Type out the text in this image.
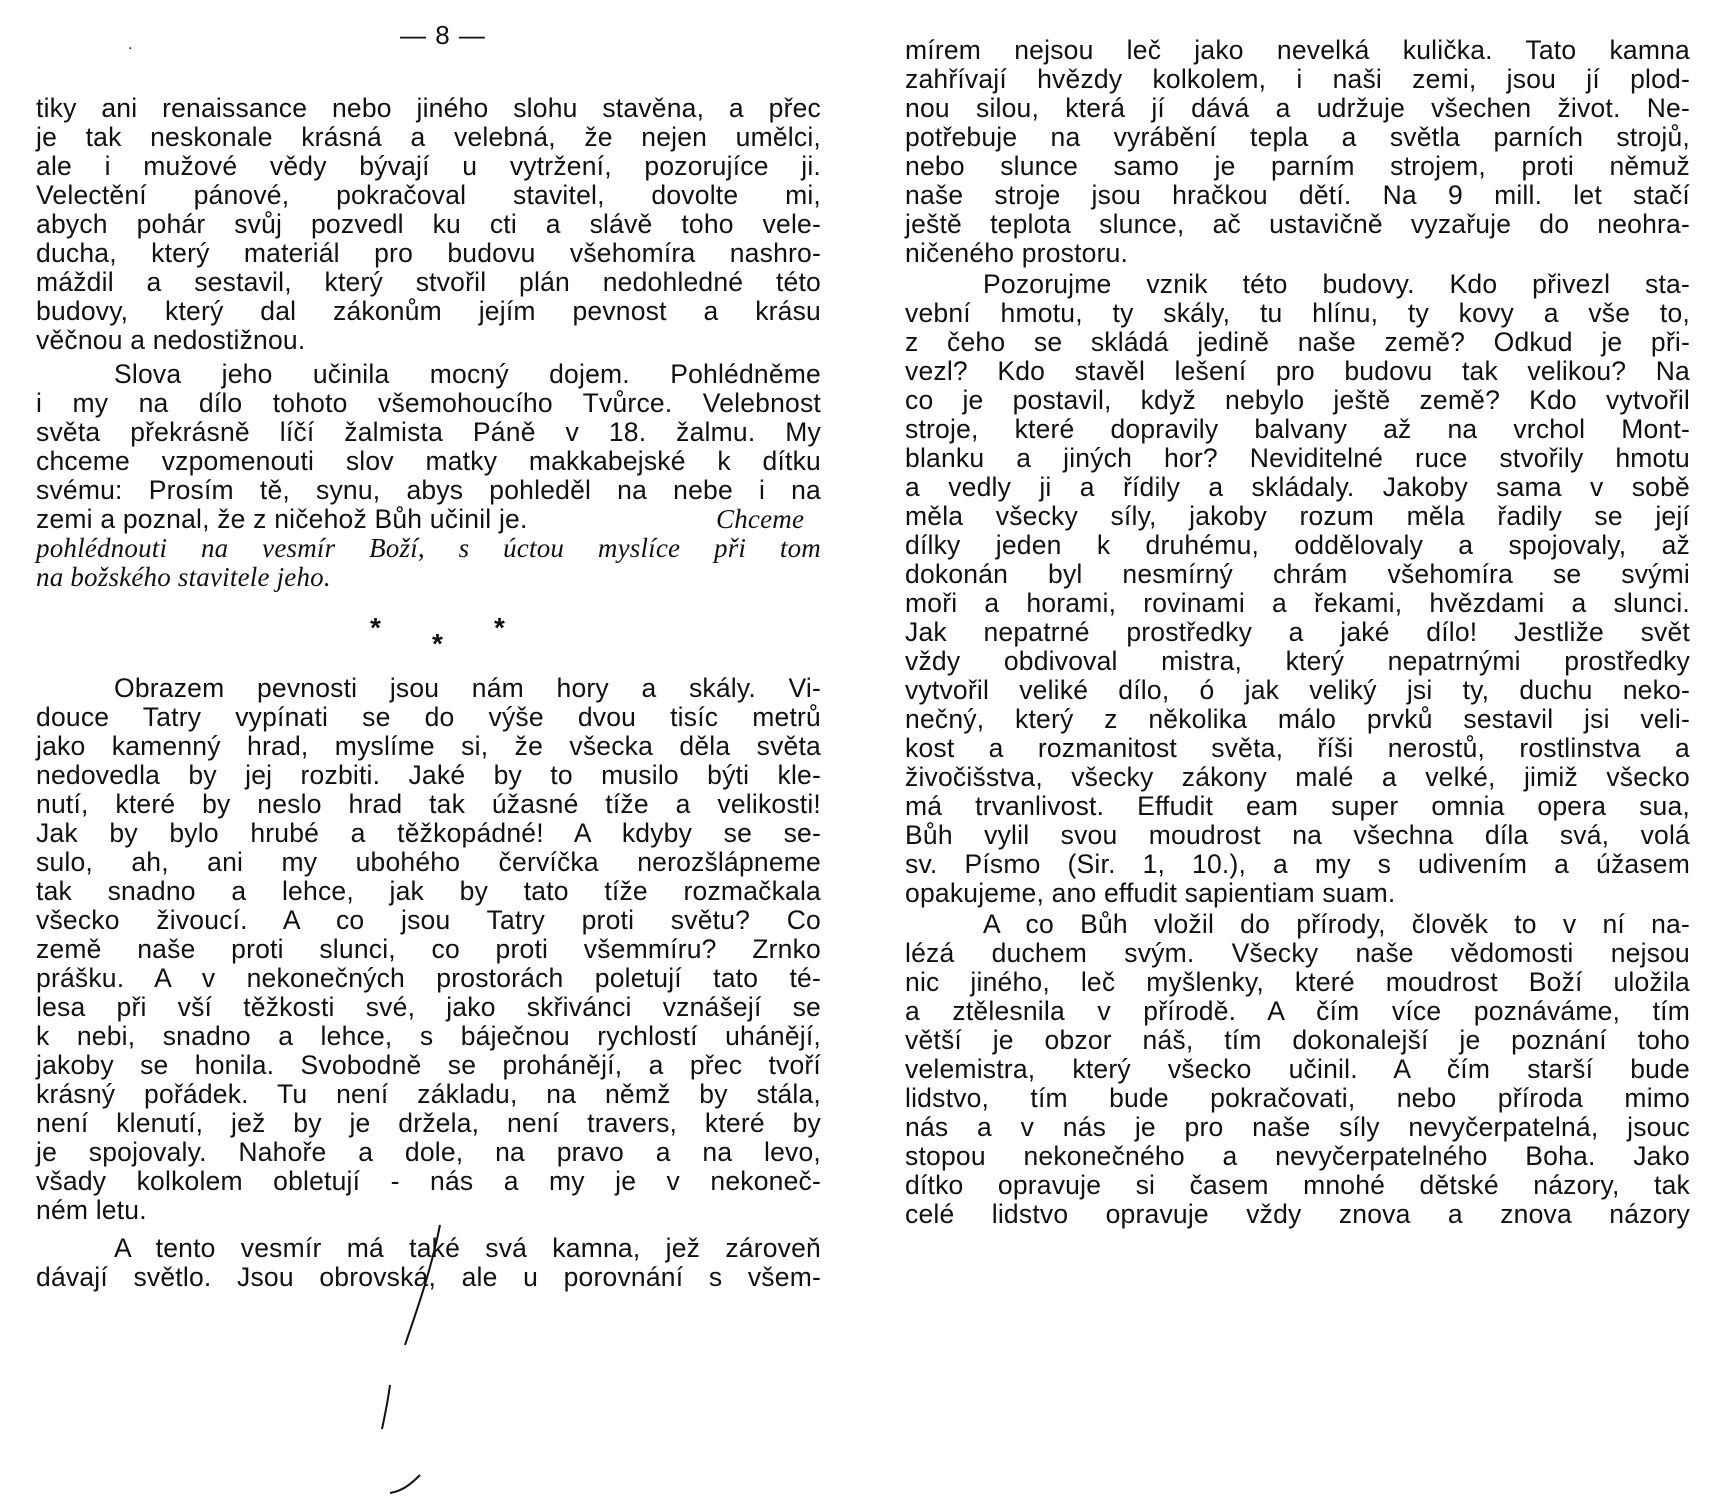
.	— 8 —
tiky ani renaissance nebo jiného slohu stavěna, a přec
je tak neskonale krásná a velebná, že nejen umělci,
ale i mužové vědy bývají u vytržení, pozorujíce ji.
Velectění pánové, pokračoval stavitel, dovolte mi,
abych pohár svůj pozvedl ku cti a slávě toho vele-
ducha, který materiál pro budovu všehomíra nashro-
máždil a sestavil, který stvořil plán nedohledné této
budovy, který dal zákonům jejím pevnost a krásu
věčnou a nedostižnou.
Slova jeho učinila mocný dojem. Pohlédněme
i my na dílo tohoto všemohoucího Tvůrce. Velebnost
světa překrásně líčí žalmista Páně v 18. žalmu. My
chceme vzpomenouti slov matky makkabejské k dítku
svému: Prosím tě, synu, abys pohleděl na nebe i na
zemi a poznal, že z ničehož Bůh učinil je.	Chceme
pohlédnouti na vesmír Boží, s úctou myslíce při tom
na božského stavitele jeho.
*
*
*
Obrazem pevnosti jsou nám hory a skály. Vi-
douce Tatry vypínati se do výše dvou tisíc metrů
jako kamenný hrad, myslíme si, že všecka děla světa
nedovedla by jej rozbiti. Jaké by to musilo býti kle-
nutí, které by neslo hrad tak úžasné tíže a velikosti!
Jak by bylo hrubé a těžkopádné! A kdyby se se-
sulo, ah, ani my ubohého červíčka nerozšlápneme
tak snadno a lehce, jak by tato tíže rozmačkala
všecko živoucí. A co jsou Tatry proti světu? Co
země naše proti slunci, co proti všemmíru? Zrnko
prášku. A v nekonečných prostorách poletují tato té-
lesa při vší těžkosti své, jako skřivánci vznášejí se
k nebi, snadno a lehce, s báječnou rychlostí uhánějí,
jakoby se honila. Svobodně se prohánějí, a přec tvoří
krásný pořádek. Tu není základu, na němž by stála,
není klenutí, jež by je držela, není travers, které by
je spojovaly. Nahoře a dole, na pravo a na levo,
všady kolkolem obletují - nás a my je v nekoneč-
ném letu.
A tento vesmír má také svá kamna, jež zároveň
dávají světlo. Jsou obrovská, ale u porovnání s všem-
mírem nejsou leč jako nevelká kulička. Tato kamna
zahřívají hvězdy kolkolem, i naši zemi, jsou jí plod-
nou silou, která jí dává a udržuje všechen život. Ne-
potřebuje na vyrábění tepla a světla parních strojů,
nebo slunce samo je parním strojem, proti němuž
naše stroje jsou hračkou dětí. Na 9 mill. let stačí
ještě teplota slunce, ač ustavičně vyzařuje do neohra-
ničeného prostoru.
Pozorujme vznik této budovy. Kdo přivezl sta-
vební hmotu, ty skály, tu hlínu, ty kovy a vše to,
z čeho se skládá jedině naše země? Odkud je při-
vezl? Kdo stavěl lešení pro budovu tak velikou? Na
co je postavil, když nebylo ještě země? Kdo vytvořil
stroje, které dopravily balvany až na vrchol Mont-
blanku a jiných hor? Neviditelné ruce stvořily hmotu
a vedly ji a řídily a skládaly. Jakoby sama v sobě
měla všecky síly, jakoby rozum měla řadily se její
dílky jeden k druhému, oddělovaly a spojovaly, až
dokonán byl nesmírný chrám všehomíra se svými
moři a horami, rovinami a řekami, hvězdami a slunci.
Jak nepatrné prostředky a jaké dílo! Jestliže svět
vždy obdivoval mistra, který nepatrnými prostředky
vytvořil veliké dílo, ó jak veliký jsi ty, duchu neko-
nečný, který z několika málo prvků sestavil jsi veli-
kost a rozmanitost světa, říši nerostů, rostlinstva a
živočišstva, všecky zákony malé a velké, jimiž všecko
má trvanlivost. Effudit eam super omnia opera sua,
Bůh vylil svou moudrost na všechna díla svá, volá
sv. Písmo (Sir. 1, 10.), a my s udivením a úžasem
opakujeme, ano effudit sapientiam suam.
A co Bůh vložil do přírody, člověk to v ní na-
lézá duchem svým. Všecky naše vědomosti nejsou
nic jiného, leč myšlenky, které moudrost Boží uložila
a ztělesnila v přírodě. A čím více poznáváme, tím
větší je obzor náš, tím dokonalejší je poznání toho
velemistra, který všecko učinil. A čím starší bude
lidstvo, tím bude pokračovati, nebo příroda mimo
nás a v nás je pro naše síly nevyčerpatelná, jsouc
stopou nekonečného a nevyčerpatelného Boha. Jako
dítko opravuje si časem mnohé dětské názory, tak
celé lidstvo opravuje vždy znova a znova názory
